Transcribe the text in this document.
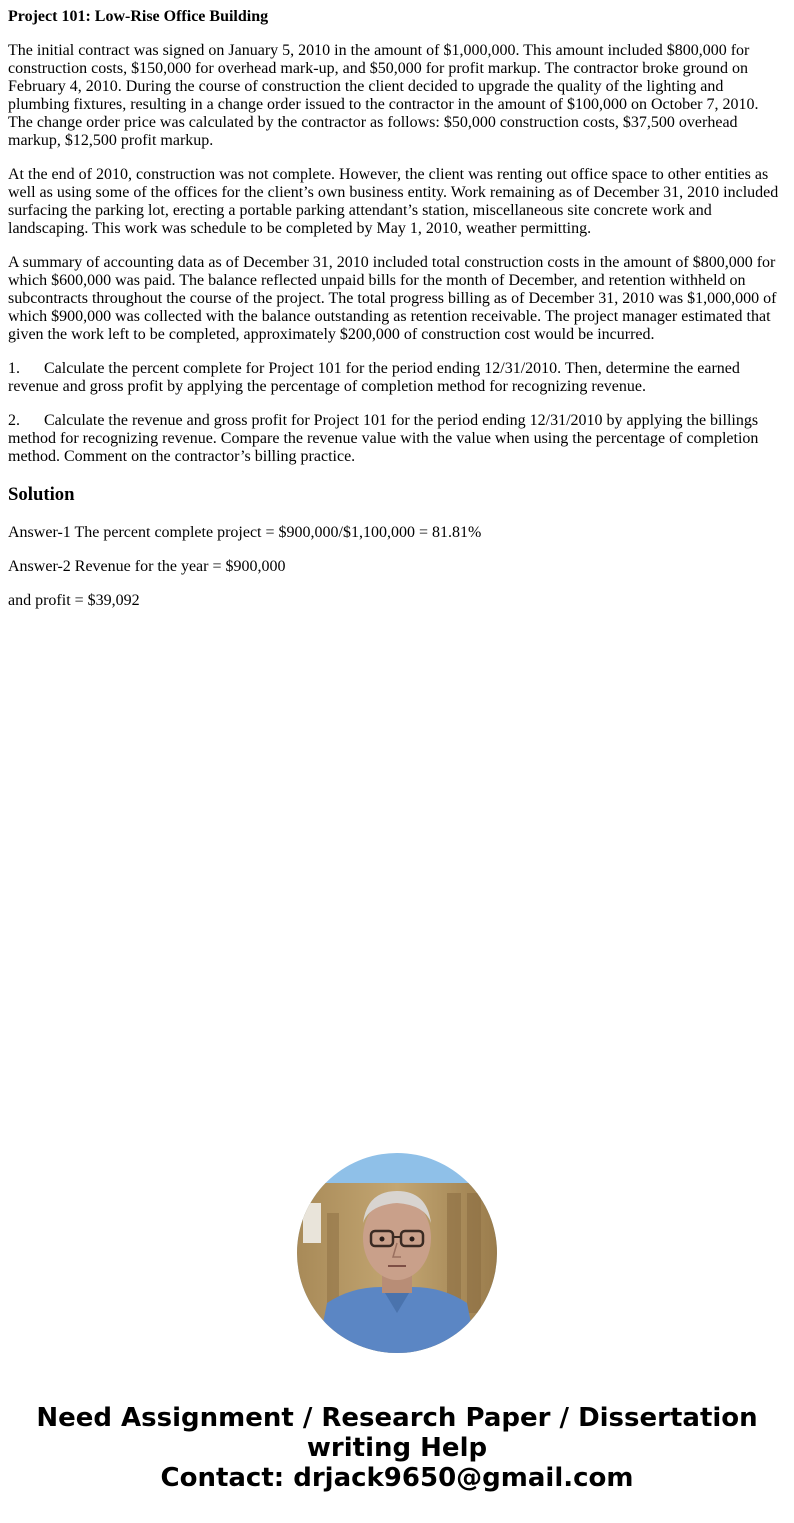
Project 101: Low-Rise Office Building

The initial contract was signed on January 5, 2010 in the amount of $1,000,000. This amount included $800,000 for construction costs, $150,000 for overhead mark-up, and $50,000 for profit markup. The contractor broke ground on February 4, 2010. During the course of construction the client decided to upgrade the quality of the lighting and plumbing fixtures, resulting in a change order issued to the contractor in the amount of $100,000 on October 7, 2010. The change order price was calculated by the contractor as follows: $50,000 construction costs, $37,500 overhead markup, $12,500 profit markup.

At the end of 2010, construction was not complete. However, the client was renting out office space to other entities as well as using some of the offices for the client’s own business entity. Work remaining as of December 31, 2010 included surfacing the parking lot, erecting a portable parking attendant’s station, miscellaneous site concrete work and landscaping. This work was schedule to be completed by May 1, 2010, weather permitting.

A summary of accounting data as of December 31, 2010 included total construction costs in the amount of $800,000 for which $600,000 was paid. The balance reflected unpaid bills for the month of December, and retention withheld on subcontracts throughout the course of the project. The total progress billing as of December 31, 2010 was $1,000,000 of which $900,000 was collected with the balance outstanding as retention receivable. The project manager estimated that given the work left to be completed, approximately $200,000 of construction cost would be incurred.

1. Calculate the percent complete for Project 101 for the period ending 12/31/2010. Then, determine the earned revenue and gross profit by applying the percentage of completion method for recognizing revenue.

2. Calculate the revenue and gross profit for Project 101 for the period ending 12/31/2010 by applying the billings method for recognizing revenue. Compare the revenue value with the value when using the percentage of completion method. Comment on the contractor’s billing practice.

Solution

Answer-1 The percent complete project = $900,000/$1,100,000 = 81.81%

Answer-2 Revenue for the year = $900,000

and profit = $39,092

Need Assignment / Research Paper / Dissertation
writing Help
Contact: drjack9650@gmail.com
